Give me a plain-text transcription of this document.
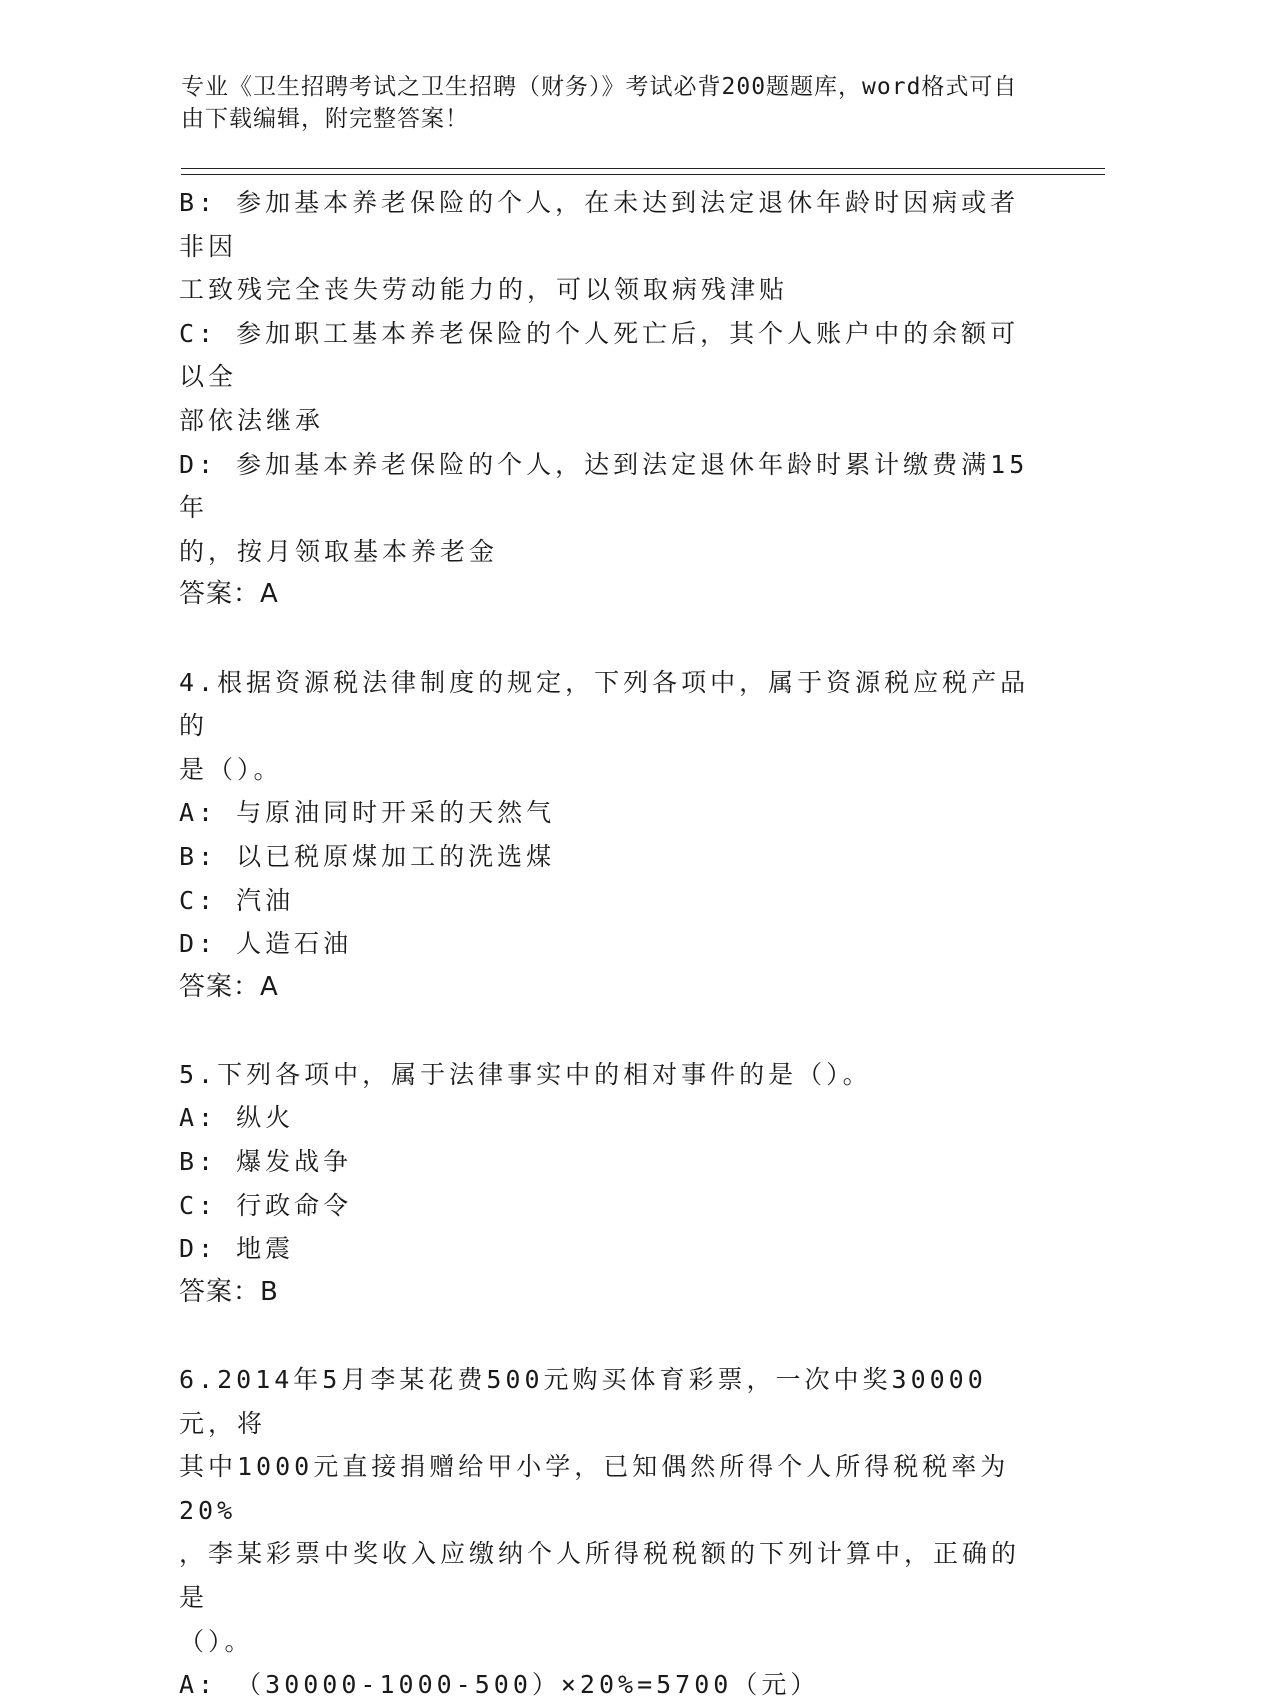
专业《卫生招聘考试之卫生招聘（财务）》考试必背200题题库，word格式可自由下载编辑，附完整答案！
B: 参加基本养老保险的个人，在未达到法定退休年龄时因病或者非因
工致残完全丧失劳动能力的，可以领取病残津贴
C: 参加职工基本养老保险的个人死亡后，其个人账户中的余额可以全
部依法继承
D: 参加基本养老保险的个人，达到法定退休年龄时累计缴费满15年
的，按月领取基本养老金
答案：A
4.根据资源税法律制度的规定，下列各项中，属于资源税应税产品的
是（）。
A: 与原油同时开采的天然气
B: 以已税原煤加工的洗选煤
C: 汽油
D: 人造石油
答案：A
5.下列各项中，属于法律事实中的相对事件的是（）。
A: 纵火
B: 爆发战争
C: 行政命令
D: 地震
答案：B
6.2014年5月李某花费500元购买体育彩票，一次中奖30000元，将
其中1000元直接捐赠给甲小学，已知偶然所得个人所得税税率为20%
，李某彩票中奖收入应缴纳个人所得税税额的下列计算中，正确的是
（）。
A: （30000-1000-500）×20%=5700（元）
